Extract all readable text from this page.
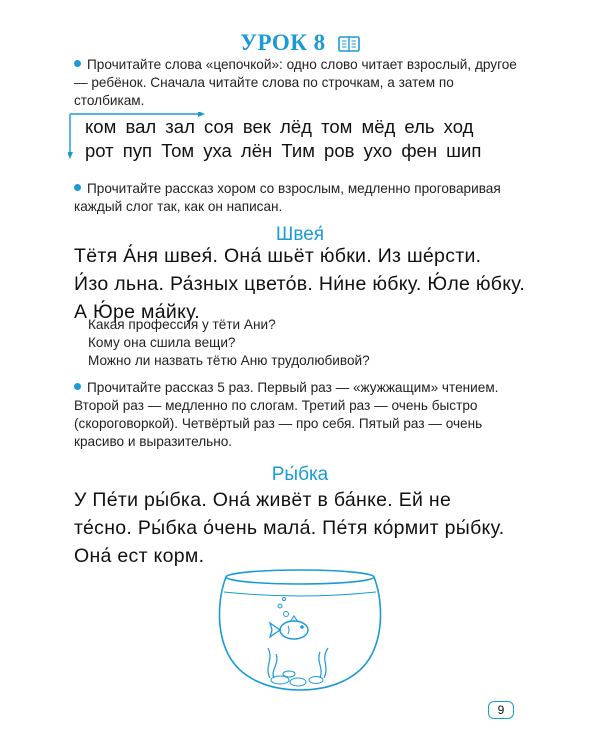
УРОК 8
Прочитайте слова «цепочкой»: одно слово читает взрослый, другое — ребёнок. Сначала читайте слова по строчкам, а затем по столбикам.
ком вал зал соя век лёд том мёд ель ход
рот пуп Том уха лён Тим ров ухо фен шип
Прочитайте рассказ хором со взрослым, медленно проговаривая каждый слог так, как он написан.
Швея́
Тётя А́ня швея́. Она́ шьёт ю́бки. Из ше́рсти.
И́зо льна. Ра́зных цвето́в. Ни́не ю́бку. Ю́ле ю́бку.
А Ю́ре ма́йку.
Какая профессия у тёти Ани?
Кому она сшила вещи?
Можно ли назвать тётю Аню трудолюбивой?
Прочитайте рассказ 5 раз. Первый раз — «жужжащим» чтением. Второй раз — медленно по слогам. Третий раз — очень быстро (скороговоркой). Четвёртый раз — про себя. Пятый раз — очень красиво и выразительно.
Ры́бка
У Пе́ти ры́бка. Она́ живёт в ба́нке. Ей не
те́сно. Ры́бка о́чень мала́. Пе́тя ко́рмит ры́бку.
Она́ ест корм.
9
